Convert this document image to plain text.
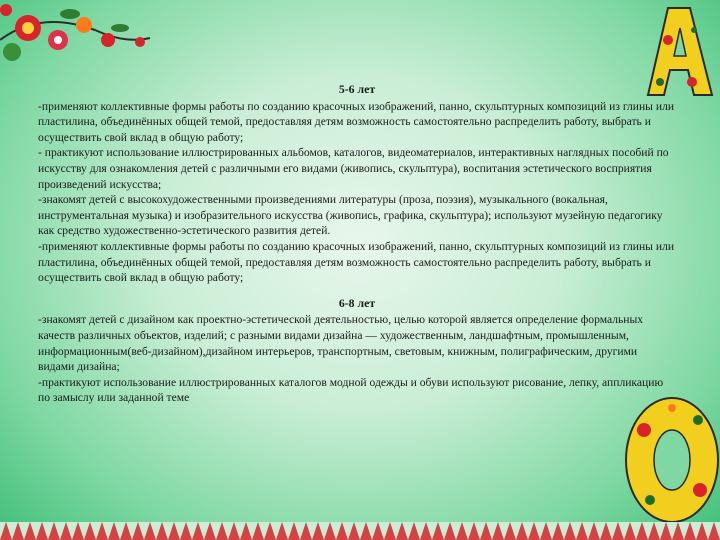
5-6 лет

-применяют коллективные формы работы по созданию красочных изображений, панно, скульптурных композиций из глины или пластилина, объединённых общей темой, предоставляя детям возможность самостоятельно распределить работу, выбрать и осуществить свой вклад в общую работу;

- практикуют использование иллюстрированных альбомов, каталогов, видеоматериалов, интерактивных наглядных пособий по искусству для ознакомления детей с различными его видами (живопись, скульптура), воспитания эстетического восприятия произведений искусства;

-знакомят детей с высокохудожественными произведениями литературы (проза, поэзия), музыкального (вокальная, инструментальная музыка) и изобразительного искусства (живопись, графика, скульптура); используют музейную педагогику как средство художественно-эстетического развития детей.

-применяют коллективные формы работы по созданию красочных изображений, панно, скульптурных композиций из глины или пластилина, объединённых общей темой, предоставляя детям возможность самостоятельно распределить работу, выбрать и осуществить свой вклад в общую работу;

6-8 лет

-знакомят детей с дизайном как проектно-эстетической деятельностью, целью которой является определение формальных качеств различных объектов, изделий; с разными видами дизайна — художественным, ландшафтным, промышленным, информационным(веб-дизайном),дизайном интерьеров, транспортным, световым, книжным, полиграфическим, другими видами дизайна;

-практикуют использование иллюстрированных каталогов модной одежды и обуви используют рисование, лепку, аппликацию по замыслу или заданной теме
